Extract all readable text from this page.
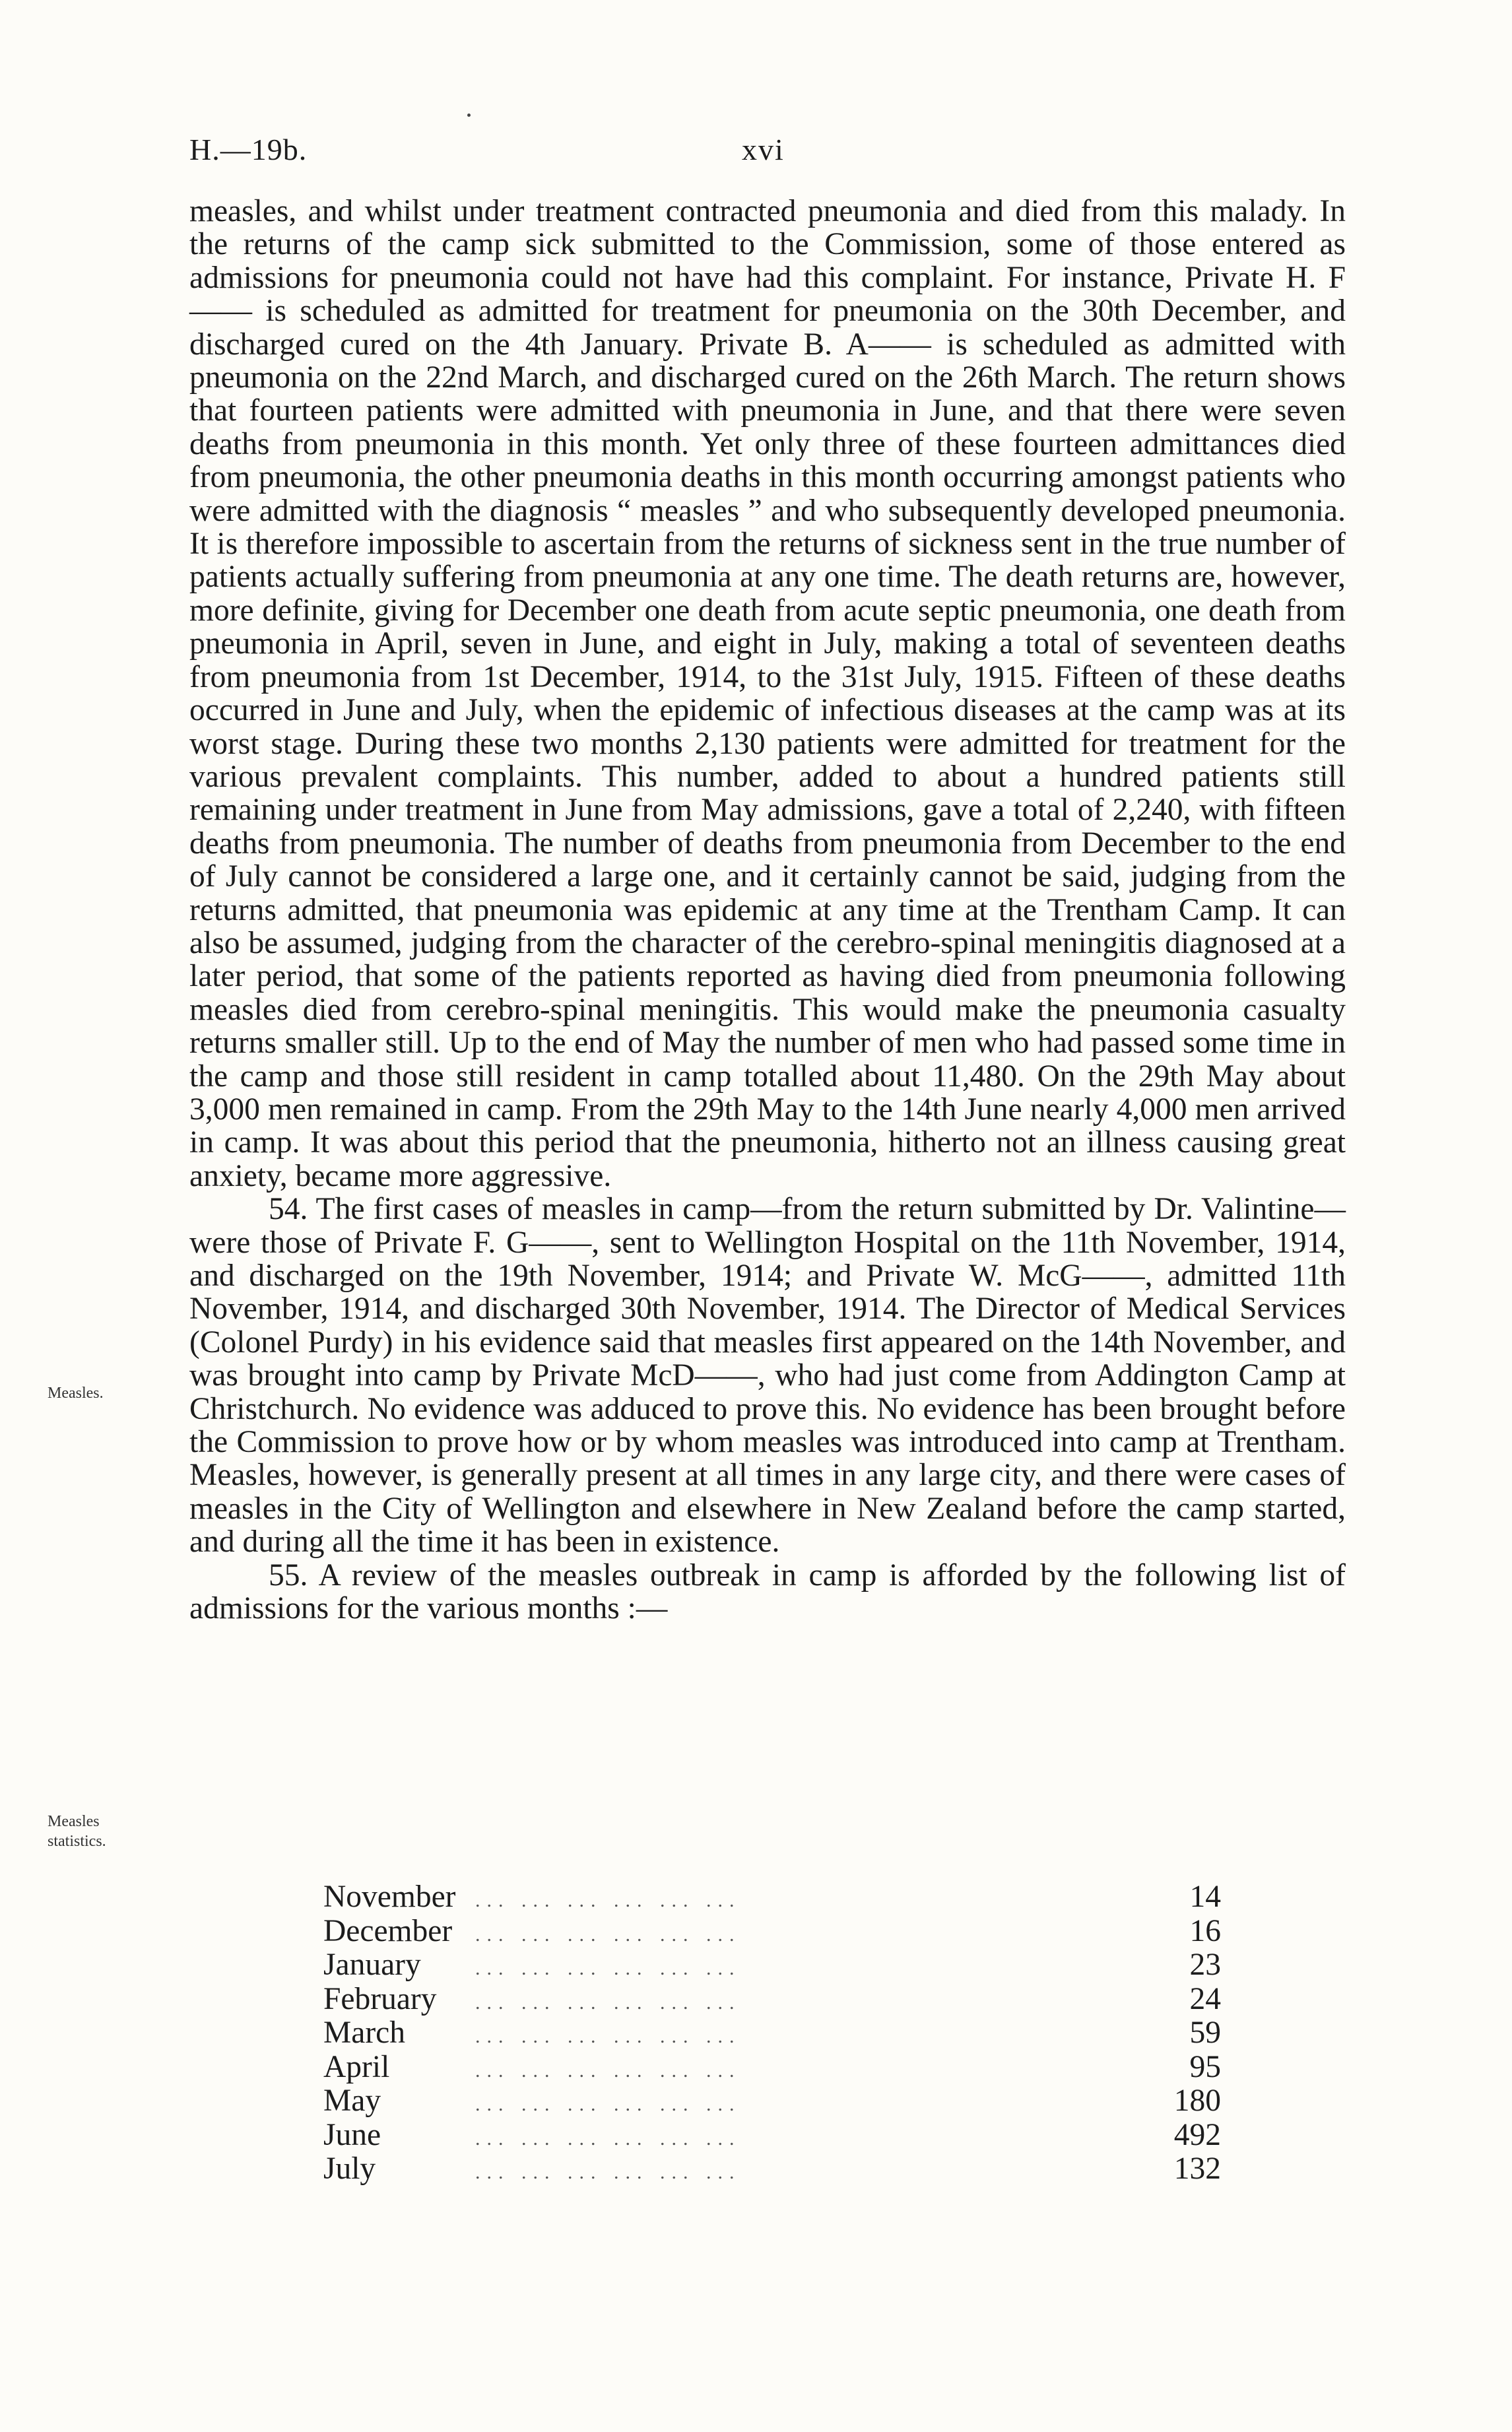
H.—19b.	xvi

measles, and whilst under treatment contracted pneumonia and died from this malady. In the returns of the camp sick submitted to the Commission, some of those entered as admissions for pneumonia could not have had this complaint. For instance, Private H. F—— is scheduled as admitted for treatment for pneumonia on the 30th December, and discharged cured on the 4th January. Private B. A—— is scheduled as admitted with pneumonia on the 22nd March, and discharged cured on the 26th March. The return shows that fourteen patients were admitted with pneumonia in June, and that there were seven deaths from pneumonia in this month. Yet only three of these fourteen admittances died from pneumonia, the other pneumonia deaths in this month occurring amongst patients who were admitted with the diagnosis “ measles ” and who subsequently developed pneumonia. It is therefore impossible to ascertain from the returns of sickness sent in the true number of patients actually suffering from pneumonia at any one time. The death returns are, however, more definite, giving for December one death from acute septic pneumonia, one death from pneumonia in April, seven in June, and eight in July, making a total of seventeen deaths from pneumonia from 1st December, 1914, to the 31st July, 1915. Fifteen of these deaths occurred in June and July, when the epidemic of infectious diseases at the camp was at its worst stage. During these two months 2,130 patients were admitted for treatment for the various prevalent complaints. This number, added to about a hundred patients still remaining under treatment in June from May admissions, gave a total of 2,240, with fifteen deaths from pneumonia. The number of deaths from pneumonia from December to the end of July cannot be considered a large one, and it certainly cannot be said, judging from the returns admitted, that pneumonia was epidemic at any time at the Trentham Camp. It can also be assumed, judging from the character of the cerebro-spinal meningitis diagnosed at a later period, that some of the patients reported as having died from pneumonia following measles died from cerebro-spinal meningitis. This would make the pneumonia casualty returns smaller still. Up to the end of May the number of men who had passed some time in the camp and those still resident in camp totalled about 11,480. On the 29th May about 3,000 men remained in camp. From the 29th May to the 14th June nearly 4,000 men arrived in camp. It was about this period that the pneumonia, hitherto not an illness causing great anxiety, became more aggressive.

54. The first cases of measles in camp—from the return submitted by Dr. Valintine—were those of Private F. G——, sent to Wellington Hospital on the 11th November, 1914, and discharged on the 19th November, 1914; and Private W. McG——, admitted 11th November, 1914, and discharged 30th November, 1914. The Director of Medical Services (Colonel Purdy) in his evidence said that measles first appeared on the 14th November, and was brought into camp by Private McD——, who had just come from Addington Camp at Christchurch. No evidence was adduced to prove this. No evidence has been brought before the Commission to prove how or by whom measles was introduced into camp at Trentham. Measles, however, is generally present at all times in any large city, and there were cases of measles in the City of Wellington and elsewhere in New Zealand before the camp started, and during all the time it has been in existence.

55. A review of the measles outbreak in camp is afforded by the following list of admissions for the various months :—

Measles.
Measles statistics.
November ... ... ... ... ... ...	14
December	... ... ... ... ... ...	16
January	... ... ... ... ... ...	23
February	... ... ... ... ... ...	24
March	... ... ... ... ... ...	59
April	... ... ... ... ... ...	95
May	... ... ... ... ... ...	180
June	... ... ... ... ... ...	492
July	... ... ... ... ... ...	132
